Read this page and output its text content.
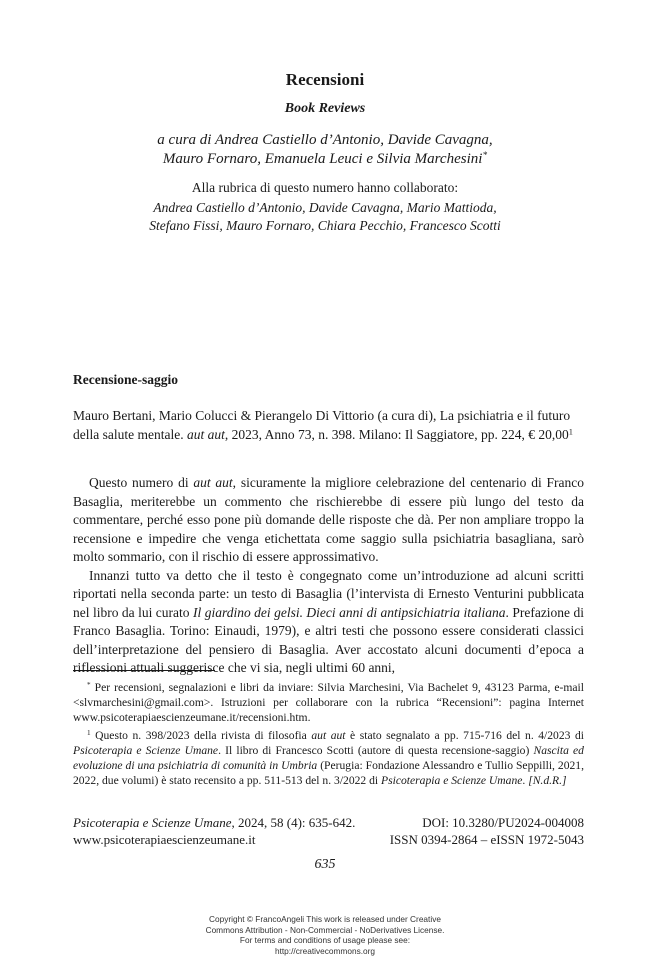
Recensioni
Book Reviews
a cura di Andrea Castiello d’Antonio, Davide Cavagna,
Mauro Fornaro, Emanuela Leuci e Silvia Marchesini*
Alla rubrica di questo numero hanno collaborato:
Andrea Castiello d’Antonio, Davide Cavagna, Mario Mattioda,
Stefano Fissi, Mauro Fornaro, Chiara Pecchio, Francesco Scotti
Recensione-saggio

Mauro Bertani, Mario Colucci & Pierangelo Di Vittorio (a cura di), La psichiatria e il futuro della salute mentale. aut aut, 2023, Anno 73, n. 398. Milano: Il Saggiatore, pp. 224, € 20,00$^1$

Questo numero di aut aut, sicuramente la migliore celebrazione del centenario di Franco Basaglia, meriterebbe un commento che rischierebbe di essere più lungo del testo da commentare, perché esso pone più domande delle risposte che dà. Per non ampliare troppo la recensione e impedire che venga etichettata come saggio sulla psichiatria basagliana, sarò molto sommario, con il rischio di essere approssimativo.

Innanzi tutto va detto che il testo è congegnato come un’introduzione ad alcuni scritti riportati nella seconda parte: un testo di Basaglia (l’intervista di Ernesto Venturini pubblicata nel libro da lui curato Il giardino dei gelsi. Dieci anni di antipsichiatria italiana. Prefazione di Franco Basaglia. Torino: Einaudi, 1979), e altri testi che possono essere considerati classici dell’interpretazione del pensiero di Basaglia. Aver accostato alcuni documenti d’epoca a riflessioni attuali suggerisce che vi sia, negli ultimi 60 anni,

* Per recensioni, segnalazioni e libri da inviare: Silvia Marchesini, Via Bachelet 9, 43123 Parma, e-mail <slvmarchesini@gmail.com>. Istruzioni per collaborare con la rubrica “Recensioni”: pagina Internet www.psicoterapiaescienzeumane.it/recensioni.htm.

$^1$ Questo n. 398/2023 della rivista di filosofia aut aut è stato segnalato a pp. 715-716 del n. 4/2023 di Psicoterapia e Scienze Umane. Il libro di Francesco Scotti (autore di questa recensione-saggio) Nascita ed evoluzione di una psichiatria di comunità in Umbria (Perugia: Fondazione Alessandro e Tullio Seppilli, 2021, 2022, due volumi) è stato recensito a pp. 511-513 del n. 3/2022 di Psicoterapia e Scienze Umane. [N.d.R.]

Psicoterapia e Scienze Umane, 2024, 58 (4): 635-642.	DOI: 10.3280/PU2024-004008
www.psicoterapiaescienzeumane.it	ISSN 0394-2864 – eISSN 1972-5043
635
Copyright © FrancoAngeli This work is released under Creative
Commons Attribution - Non-Commercial - NoDerivatives License.
For terms and conditions of usage please see:
http://creativecommons.org
